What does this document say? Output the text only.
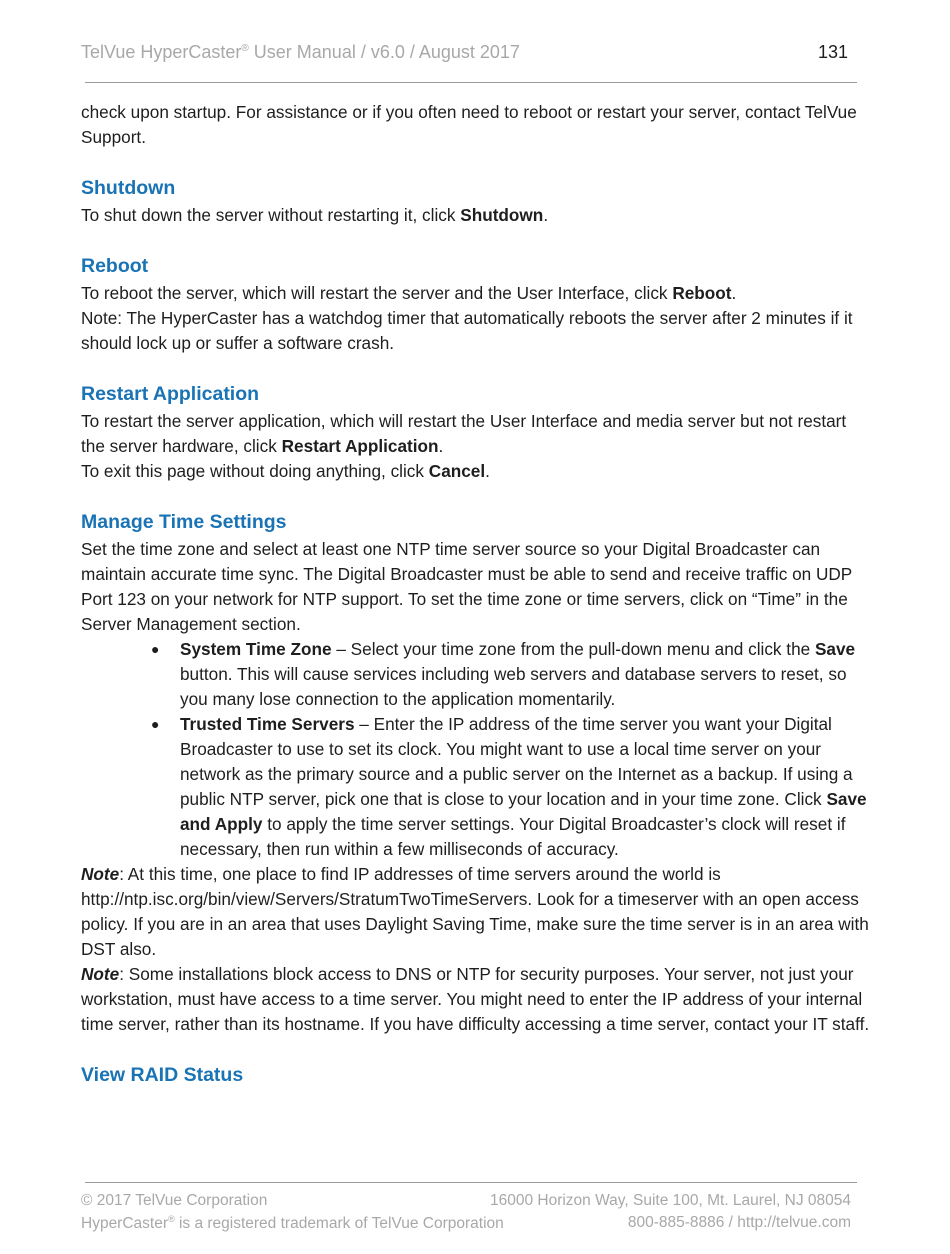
TelVue HyperCaster® User Manual / v6.0 / August 2017	131

check upon startup. For assistance or if you often need to reboot or restart your server, contact TelVue Support.

Shutdown

To shut down the server without restarting it, click Shutdown.

Reboot

To reboot the server, which will restart the server and the User Interface, click Reboot.

Note: The HyperCaster has a watchdog timer that automatically reboots the server after 2 minutes if it should lock up or suffer a software crash.

Restart Application

To restart the server application, which will restart the User Interface and media server but not restart the server hardware, click Restart Application.

To exit this page without doing anything, click Cancel.

Manage Time Settings

Set the time zone and select at least one NTP time server source so your Digital Broadcaster can maintain accurate time sync. The Digital Broadcaster must be able to send and receive traffic on UDP Port 123 on your network for NTP support. To set the time zone or time servers, click on “Time” in the Server Management section.

● System Time Zone – Select your time zone from the pull-down menu and click the Save button. This will cause services including web servers and database servers to reset, so you many lose connection to the application momentarily.
● Trusted Time Servers – Enter the IP address of the time server you want your Digital Broadcaster to use to set its clock. You might want to use a local time server on your network as the primary source and a public server on the Internet as a backup. If using a public NTP server, pick one that is close to your location and in your time zone. Click Save and Apply to apply the time server settings. Your Digital Broadcaster’s clock will reset if necessary, then run within a few milliseconds of accuracy.

Note: At this time, one place to find IP addresses of time servers around the world is http://ntp.isc.org/bin/view/Servers/StratumTwoTimeServers. Look for a timeserver with an open access policy. If you are in an area that uses Daylight Saving Time, make sure the time server is in an area with DST also.

Note: Some installations block access to DNS or NTP for security purposes. Your server, not just your workstation, must have access to a time server. You might need to enter the IP address of your internal time server, rather than its hostname. If you have difficulty accessing a time server, contact your IT staff.

View RAID Status
© 2017 TelVue Corporation	16000 Horizon Way, Suite 100, Mt. Laurel, NJ 08054
HyperCaster® is a registered trademark of TelVue Corporation	800-885-8886 / http://telvue.com
